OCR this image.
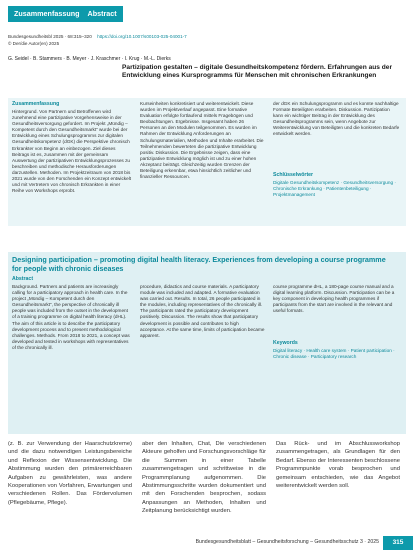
Zusammenfassung Abstract
Bundesgesundheitsbl 2025 · 68:315–320 https://doi.org/10.1007/s00103-025-04001-7
© Der/die Autor(en) 2025
G. Seidel · B. Stammers · B. Meyer · J. Kraschmer · I. Krug · M.-L. Dierks
Partizipation gestalten – digitale Gesundheitskompetenz fördern. Erfahrungen aus der Entwicklung eines Kursprogramms für Menschen mit chronischen Erkrankungen
Zusammenfassung
Hintergrund. Von Partnern und Betroffenen wird zunehmend eine partizipative Vorgehensweise in der Gesundheitsversorgung gefordert. Im Projekt „Mündig – Kompetent durch den Gesundheitsmarkt“ wurde bei der Entwicklung eines Schulungsprogramms zur digitalen Gesundheitskompetenz (dGK) die Perspektive chronisch Erkrankter von Beginn an einbezogen. Ziel dieses Beitrags ist es, zusammen mit der gemeinsam Auswertung der partizipativen Entwicklungsprozesses zu beschreiben und methodische Herausforderungen darzustellen. Methoden. Im Projektzeitraum von 2018 bis 2021 wurde von den Forschenden ein Konzept entwickelt und mit Vertretern von chronisch Erkrankten in einer Reihe von Workshops erprobt.
Kurseinheiten konkretisiert und weiterentwickelt. Diese wurden im Projektverlauf angepasst. Eine formative Evaluation erfolgte fortlaufend mittels Fragebögen und Beobachtungen. Ergebnisse. Insgesamt haben 26 Personen an den Modulen teilgenommen. Es wurden im Rahmen der Entwicklung Anforderungen an Schulungsmaterialien, Methoden und Inhalte erarbeitet. Die Teilnehmenden bewerteten die partizipative Entwicklung positiv. Diskussion. Die Ergebnisse zeigen, dass eine partizipative Entwicklung möglich ist und zu einer hohen Akzeptanz beiträgt. Gleichzeitig wurden Grenzen der Beteiligung erkennbar, etwa hinsichtlich zeitlicher und finanzieller Ressourcen.
der dGK ein Schulungsprogramm und es konnte nachhaltige Formate Beteiligten erarbeiten. Diskussion. Partizipation kann ein wichtiger Beitrag in der Entwicklung des Gesundheitsprogramms sein, wenn Angebote zur Weiterentwicklung von Beteiligten und die konkreten Bedarfe entwickelt werden.
Schlüsselwörter
Digitale Gesundheitskompetenz · Gesundheitsversorgung · Chronische Erkrankung · Patientenbeteiligung · Projektmanagement
Designing participation – promoting digital health literacy. Experiences from developing a course programme for people with chronic diseases
Abstract
Background. Partners and patients are increasingly calling for a participatory approach in health care. In the project „Mündig – Kompetent durch den Gesundheitsmarkt“, the perspective of chronically ill people was included from the outset in the development of a training programme on digital health literacy (dHL). The aim of this article is to describe the participatory development process and to present methodological challenges. Methods. From 2018 to 2021, a concept was developed and tested in workshops with representatives of the chronically ill.
procedure, didactics and course materials. A participatory module was included and adapted. A formative evaluation was carried out. Results. In total, 26 people participated in the modules, including representatives of the chronically ill. The participants rated the participatory development positively. Discussion. The results show that participatory development is possible and contributes to high acceptance. At the same time, limits of participation became apparent.
course programme dHL, a 180-page course manual and a digital learning platform. Discussion. Participation can be a key component in developing health programmes if participants from the start are involved in the relevant and useful formats.
Keywords
Digital literacy · Health care system · Patient participation · Chronic disease · Participatory research
(z. B. zur Verwendung der Haarschutzkreme) und die dazu notwendigen Leistungsbereiche und Reflexion der Wissensentwicklung. Die Abstimmung wurden den primärerreichbaren Aufgaben zu gewährleisten, was andere Kooperationen von Vorfahren, Erwartungen und verschiedenen Rollen. Das Fördervolumen (Pflegebäume, Pflege).
aber den Inhalten, Chat, Die verschiedenen Akteure geholfen und Forschungsvorschläge für die Summen in einer Tabelle zusammengetragen und schrittweise in die Programmplanung aufgenommen. Die Abstimmungsschritte wurden dokumentiert und mit den Forschenden besprochen, sodass Anpassungen an Methoden, Inhalten und Zeitplanung berücksichtigt wurden.
Das Rück- und im Abschlussworkshop zusammengetragen, als Grundlagen für den Bedarf. Ebenso der Interessenten beschlossene Programmpunkte vorab besprochen und gemeinsam entschieden, wie das Angebot weiterentwickelt werden soll.
Bundesgesundheitsblatt – Gesundheitsforschung – Gesundheitsschutz 3 · 2025	315
